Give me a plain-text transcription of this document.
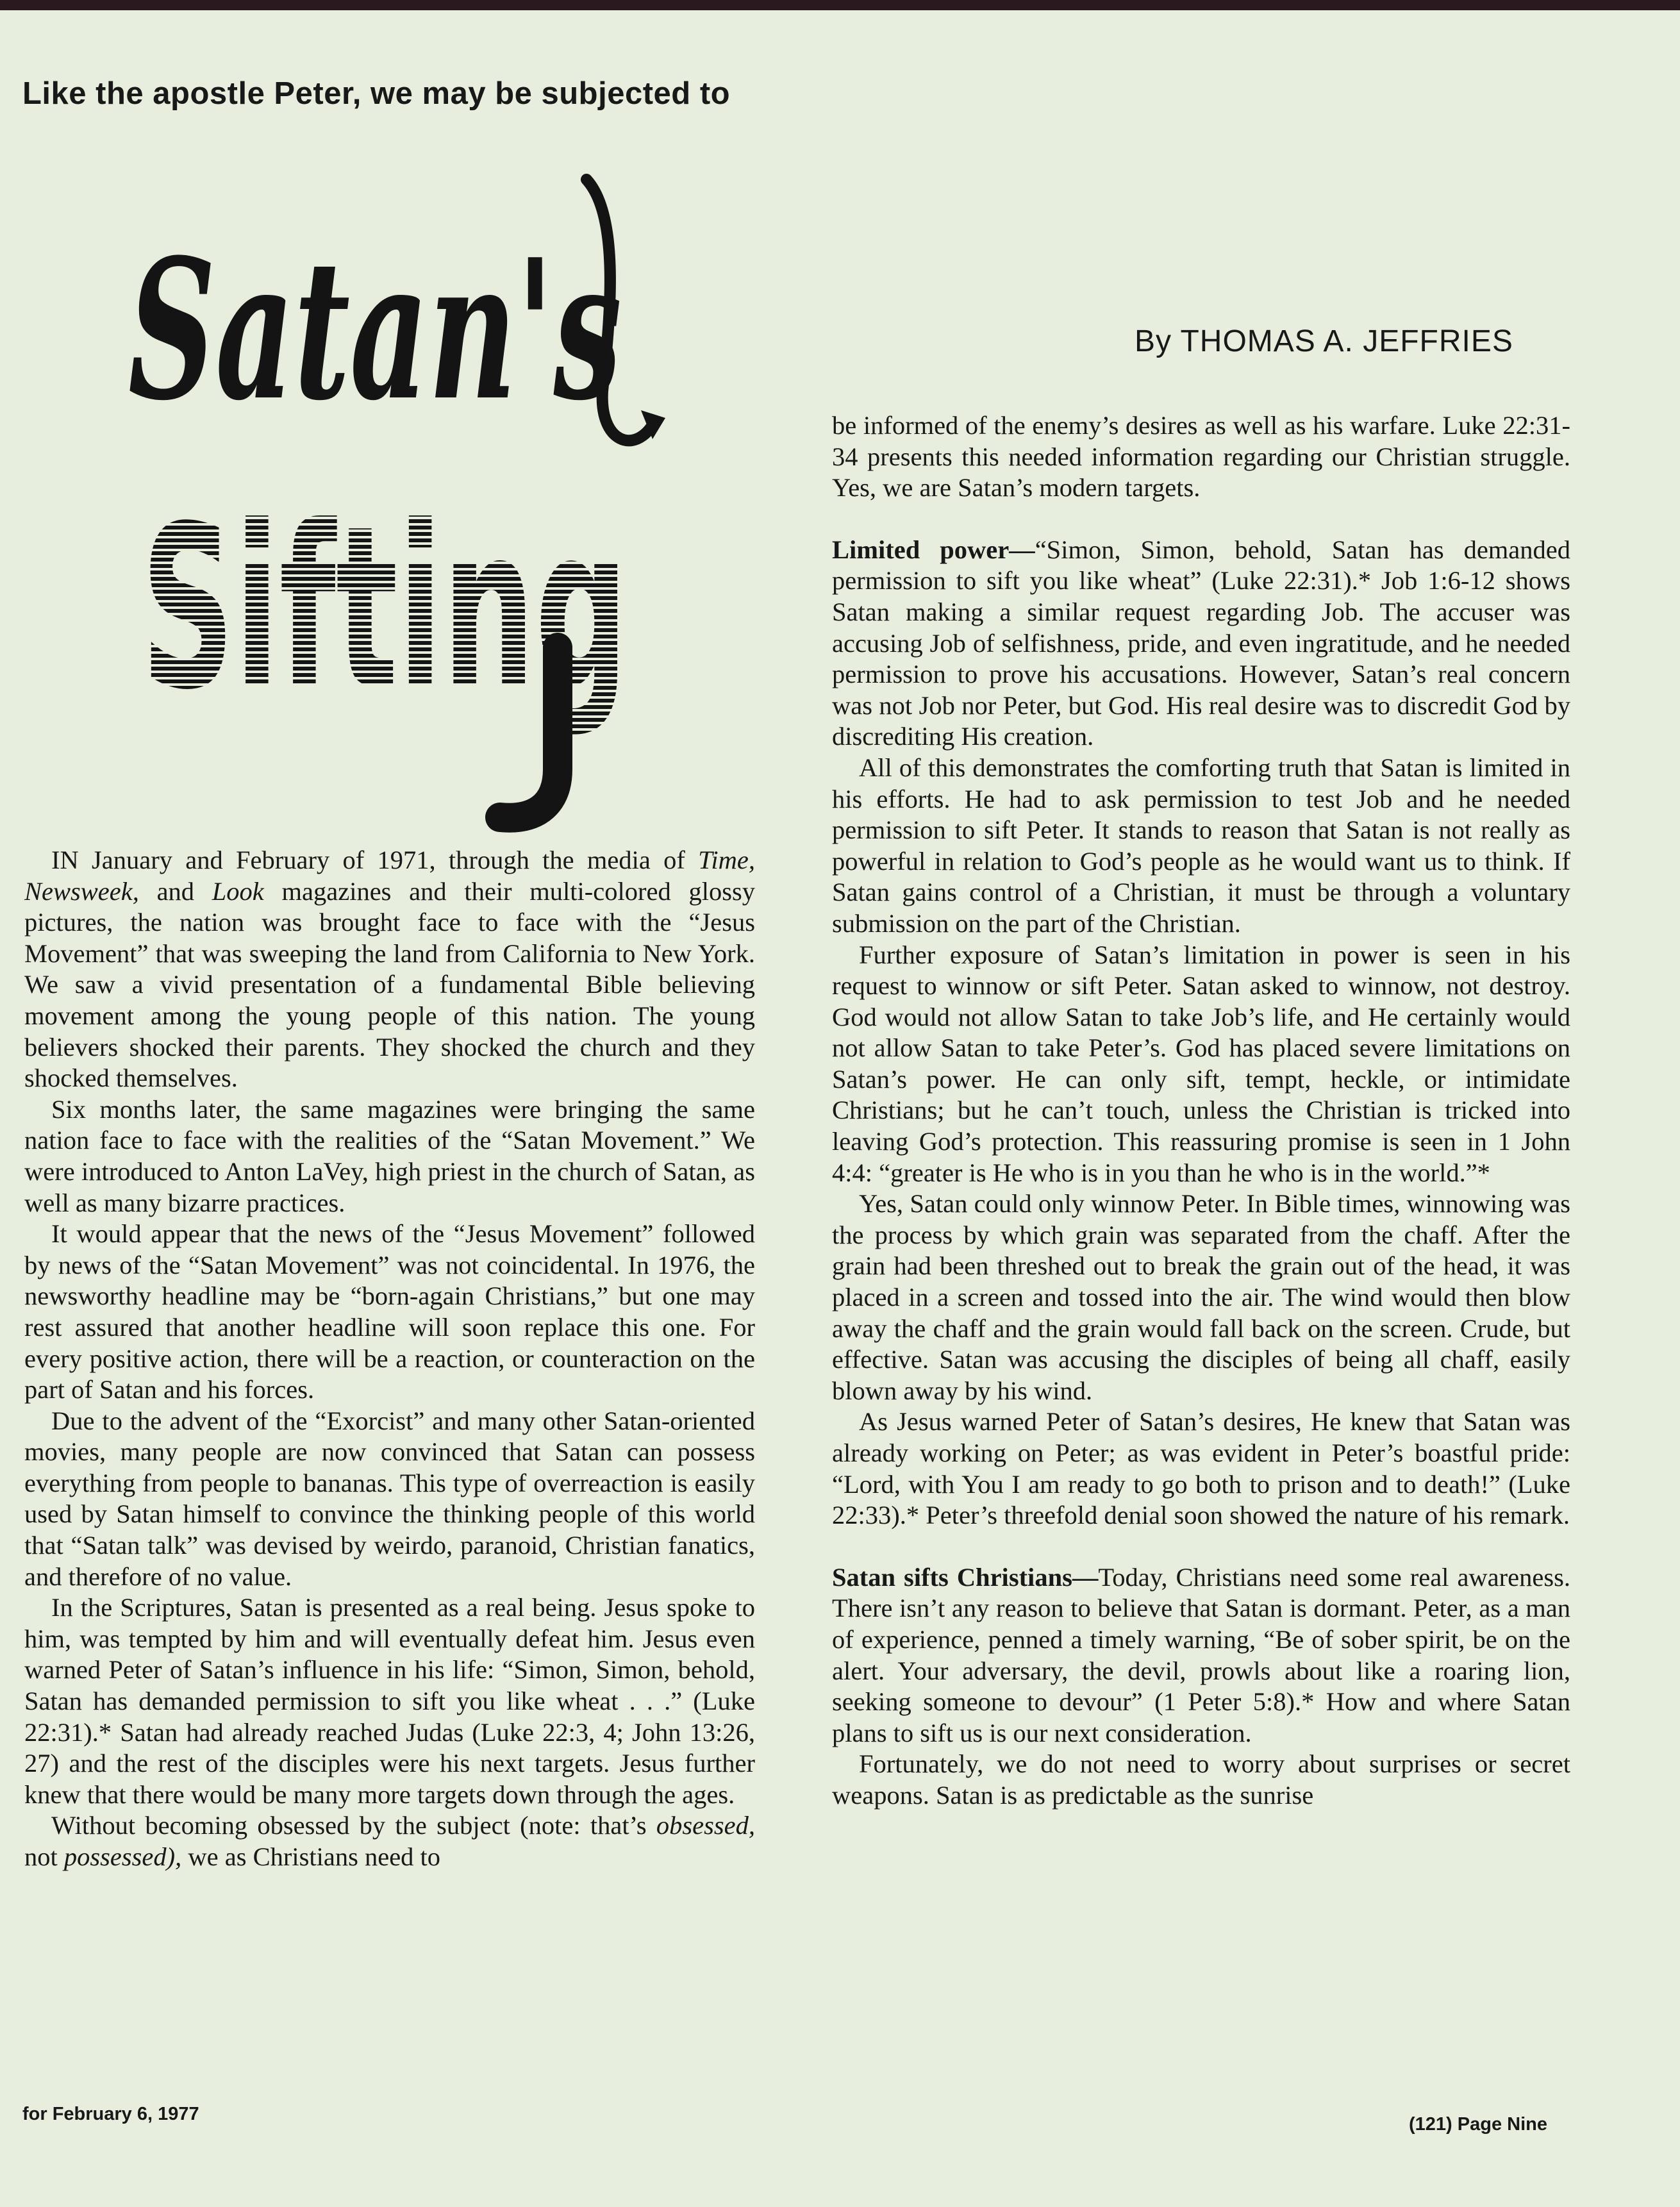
Like the apostle Peter, we may be subjected to
Satan's
Sifting
By THOMAS A. JEFFRIES

IN January and February of 1971, through the media of Time, Newsweek, and Look magazines and their multi-colored glossy pictures, the nation was brought face to face with the “Jesus Movement” that was sweeping the land from California to New York. We saw a vivid presentation of a fundamental Bible believing movement among the young people of this nation. The young believers shocked their parents. They shocked the church and they shocked themselves.

Six months later, the same magazines were bringing the same nation face to face with the realities of the “Satan Movement.” We were introduced to Anton LaVey, high priest in the church of Satan, as well as many bizarre practices.

It would appear that the news of the “Jesus Movement” followed by news of the “Satan Movement” was not coincidental. In 1976, the newsworthy headline may be “born-again Christians,” but one may rest assured that another headline will soon replace this one. For every positive action, there will be a reaction, or counteraction on the part of Satan and his forces.

Due to the advent of the “Exorcist” and many other Satan-oriented movies, many people are now convinced that Satan can possess everything from people to bananas. This type of overreaction is easily used by Satan himself to convince the thinking people of this world that “Satan talk” was devised by weirdo, paranoid, Christian fanatics, and therefore of no value.

In the Scriptures, Satan is presented as a real being. Jesus spoke to him, was tempted by him and will eventually defeat him. Jesus even warned Peter of Satan’s influence in his life: “Simon, Simon, behold, Satan has demanded permission to sift you like wheat . . .” (Luke 22:31).* Satan had already reached Judas (Luke 22:3, 4; John 13:26, 27) and the rest of the disciples were his next targets. Jesus further knew that there would be many more targets down through the ages.

Without becoming obsessed by the subject (note: that’s obsessed, not possessed), we as Christians need to

be informed of the enemy’s desires as well as his warfare. Luke 22:31-34 presents this needed information regarding our Christian struggle. Yes, we are Satan’s modern targets.

Limited power—“Simon, Simon, behold, Satan has demanded permission to sift you like wheat” (Luke 22:31).* Job 1:6-12 shows Satan making a similar request regarding Job. The accuser was accusing Job of selfishness, pride, and even ingratitude, and he needed permission to prove his accusations. However, Satan’s real concern was not Job nor Peter, but God. His real desire was to discredit God by discrediting His creation.

All of this demonstrates the comforting truth that Satan is limited in his efforts. He had to ask permission to test Job and he needed permission to sift Peter. It stands to reason that Satan is not really as powerful in relation to God’s people as he would want us to think. If Satan gains control of a Christian, it must be through a voluntary submission on the part of the Christian.

Further exposure of Satan’s limitation in power is seen in his request to winnow or sift Peter. Satan asked to winnow, not destroy. God would not allow Satan to take Job’s life, and He certainly would not allow Satan to take Peter’s. God has placed severe limitations on Satan’s power. He can only sift, tempt, heckle, or intimidate Christians; but he can’t touch, unless the Christian is tricked into leaving God’s protection. This reassuring promise is seen in 1 John 4:4: “greater is He who is in you than he who is in the world.”*

Yes, Satan could only winnow Peter. In Bible times, winnowing was the process by which grain was separated from the chaff. After the grain had been threshed out to break the grain out of the head, it was placed in a screen and tossed into the air. The wind would then blow away the chaff and the grain would fall back on the screen. Crude, but effective. Satan was accusing the disciples of being all chaff, easily blown away by his wind.

As Jesus warned Peter of Satan’s desires, He knew that Satan was already working on Peter; as was evident in Peter’s boastful pride: “Lord, with You I am ready to go both to prison and to death!” (Luke 22:33).* Peter’s threefold denial soon showed the nature of his remark.

Satan sifts Christians—Today, Christians need some real awareness. There isn’t any reason to believe that Satan is dormant. Peter, as a man of experience, penned a timely warning, “Be of sober spirit, be on the alert. Your adversary, the devil, prowls about like a roaring lion, seeking someone to devour” (1 Peter 5:8).* How and where Satan plans to sift us is our next consideration.

Fortunately, we do not need to worry about surprises or secret weapons. Satan is as predictable as the sunrise

for February 6, 1977	(121) Page Nine
